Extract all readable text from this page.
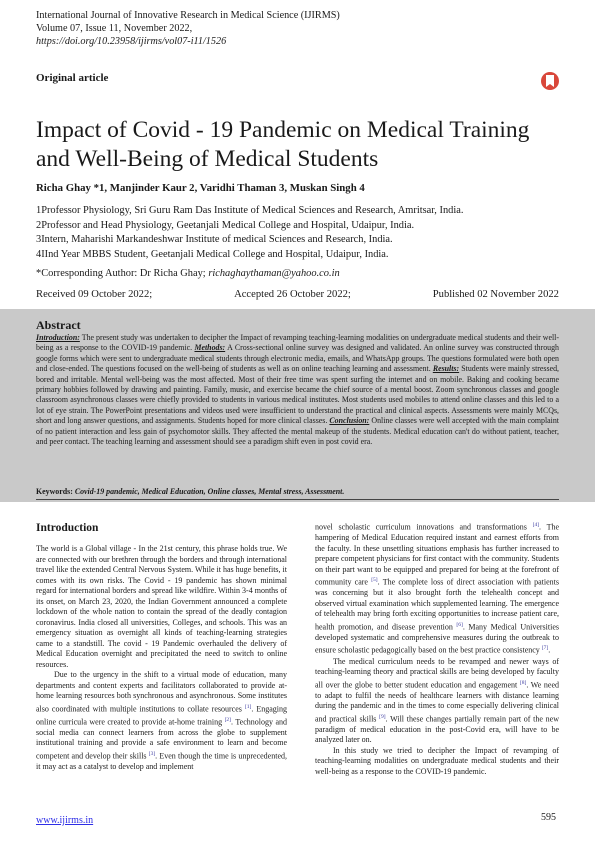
International Journal of Innovative Research in Medical Science (IJIRMS)
Volume 07, Issue 11, November 2022,
https://doi.org/10.23958/ijirms/vol07-i11/1526
Original article
Impact of Covid - 19 Pandemic on Medical Training and Well-Being of Medical Students
Richa Ghay *1, Manjinder Kaur 2, Varidhi Thaman 3, Muskan Singh 4
1Professor Physiology, Sri Guru Ram Das Institute of Medical Sciences and Research, Amritsar, India.
2Professor and Head Physiology, Geetanjali Medical College and Hospital, Udaipur, India.
3Intern, Maharishi Markandeshwar Institute of medical Sciences and Research, India.
4IInd Year MBBS Student, Geetanjali Medical College and Hospital, Udaipur, India.
*Corresponding Author: Dr Richa Ghay; richaghaythaman@yahoo.co.in
Received 09 October 2022;	Accepted 26 October 2022;	Published 02 November 2022
Abstract
Introduction: The present study was undertaken to decipher the Impact of revamping teaching-learning modalities on undergraduate medical students and their well-being as a response to the COVID-19 pandemic. Methods: A Cross-sectional online survey was designed and validated. An online survey was constructed through google forms which were sent to undergraduate medical students through electronic media, emails, and WhatsApp groups. The questions formulated were both open and close-ended. The questions focused on the well-being of students as well as on online teaching learning and assessment. Results: Students were mainly stressed, bored and irritable. Mental well-being was the most affected. Most of their free time was spent surfing the internet and on mobile. Baking and cooking became primary hobbies followed by drawing and painting. Family, music, and exercise became the chief source of a mental boost. Zoom synchronous classes and google classroom asynchronous classes were chiefly provided to students in various medical institutes. Most students used mobiles to attend online classes and this led to a lot of eye strain. The PowerPoint presentations and videos used were insufficient to understand the practical and clinical aspects. Assessments were mainly MCQs, short and long answer questions, and assignments. Students hoped for more clinical classes. Conclusion: Online classes were well accepted with the main complaint of no patient interaction and less gain of psychomotor skills. They affected the mental makeup of the students. Medical education can't do without patient, teacher, and peer contact. The teaching learning and assessment should see a paradigm shift even in post covid era.
Keywords: Covid-19 pandemic, Medical Education, Online classes, Mental stress, Assessment.
Introduction

The world is a Global village - In the 21st century, this phrase holds true. We are connected with our brethren through the borders and through international travel like the extended Central Nervous System. While it has huge benefits, it comes with its own risks. The Covid - 19 pandemic has shown minimal regard for international borders and spread like wildfire. Within 3-4 months of its onset, on March 23, 2020, the Indian Government announced a complete lockdown of the whole nation to contain the spread of the deadly contagion coronavirus. India closed all universities, Colleges, and schools. This was an emergency situation as overnight all kinds of teaching-learning strategies came to a standstill. The covid - 19 Pandemic overhauled the delivery of Medical Education overnight and precipitated the need to switch to online resources.

Due to the urgency in the shift to a virtual mode of education, many departments and content experts and facilitators collaborated to provide at-home learning resources both synchronous and asynchronous. Some institutes also coordinated with multiple institutions to collate resources [1]. Engaging online curricula were created to provide at-home training [2]. Technology and social media can connect learners from across the globe to supplement institutional training and provide a safe environment to learn and become competent and develop their skills [3]. Even though the time is unprecedented, it may act as a catalyst to develop and implement

novel scholastic curriculum innovations and transformations [4]. The hampering of Medical Education required instant and earnest efforts from the faculty. In these unsettling situations emphasis has further increased to prepare competent physicians for first contact with the community. Students on their part want to be equipped and prepared for being at the forefront of community care [5]. The complete loss of direct association with patients was concerning but it also brought forth the telehealth concept and observed virtual examination which supplemented learning. The emergence of telehealth may bring forth exciting opportunities to increase patient care, health promotion, and disease prevention [6]. Many Medical Universities developed systematic and comprehensive measures during the outbreak to ensure scholastic pedagogically based on the best practice consistency [7].

The medical curriculum needs to be revamped and newer ways of teaching-learning theory and practical skills are being developed by faculty all over the globe to better student education and engagement [8]. We need to adapt to fulfil the needs of healthcare learners with distance learning during the pandemic and in the times to come especially delivering clinical and practical skills [9]. Will these changes partially remain part of the new paradigm of medical education in the post-Covid era, will have to be analyzed later on.

In this study we tried to decipher the Impact of revamping of teaching-learning modalities on undergraduate medical students and their well-being as a response to the COVID-19 pandemic.

www.ijirms.in	595
